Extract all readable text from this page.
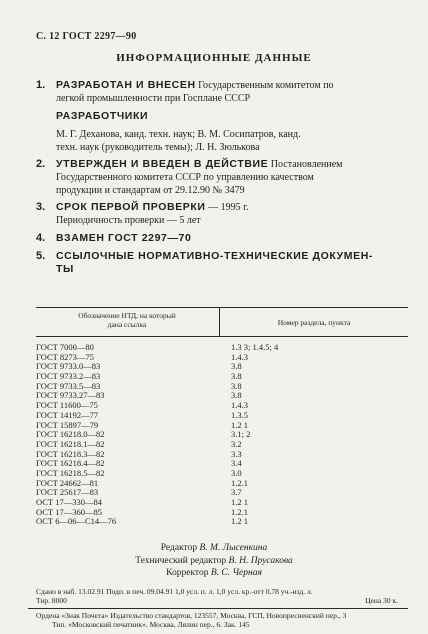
С. 12 ГОСТ 2297—90
ИНФОРМАЦИОННЫЕ ДАННЫЕ
1. РАЗРАБОТАН И ВНЕСЕН Государственным комитетом по
легкой промышленности при Госплане СССР
РАЗРАБОТЧИКИ
М. Г. Деханова, канд. техн. наук; В. М. Сосипатров, канд.
техн. наук (руководитель темы); Л. Н. Зюлькова
2. УТВЕРЖДЕН И ВВЕДЕН В ДЕЙСТВИЕ Постановлением
Государственного комитета СССР по управлению качеством
продукции и стандартам от 29.12.90 № 3479
3. СРОК ПЕРВОЙ ПРОВЕРКИ — 1995 г.
Периодичность проверки — 5 лет
4. ВЗАМЕН ГОСТ 2297—70
5. ССЫЛОЧНЫЕ НОРМАТИВНО-ТЕХНИЧЕСКИЕ ДОКУМЕН-
ТЫ
Обозначение НТД, на который
дана ссылка	Номер раздела, пункта
ГОСТ 7000—80	1.3 3; 1.4.5; 4
ГОСТ 8273—75	1.4.3
ГОСТ 9733.0—83	3.8
ГОСТ 9733.2—83	3.8
ГОСТ 9733.5—83	3.8
ГОСТ 9733.27—83	3.8
ГОСТ 11600—75	1.4.3
ГОСТ 14192—77	1.3.5
ГОСТ 15897—79	1.2 1
ГОСТ 16218.0—82	3.1; 2
ГОСТ 16218.1—82	3.2
ГОСТ 16218.3—82	3.3
ГОСТ 16218.4—82	3.4
ГОСТ 16218.5—82	3.0
ГОСТ 24662—81	1.2.1
ГОСТ 25617—83	3.7
ОСТ 17—330—84	1.2 1
ОСТ 17—360—85	1.2.1
ОСТ 6—06—С14—76	1.2 1
Редактор В. М. Лысенкина
Технический редактор В. Н. Прусакова
Корректор В. С. Черная
Сдано в наб. 13.02.91 Подп. в печ. 09.04.91 1,0 усл. п. л. 1,0 усл. кр.-отт 0,78 уч.-изд. л.
Тир. 8000	Цена 30 к.
Ордена «Знак Почета» Издательство стандартов, 123557, Москва, ГСП, Новопресненский пер., 3
Тип. «Московский печатник». Москва, Лялин пер., 6. Зак. 145
